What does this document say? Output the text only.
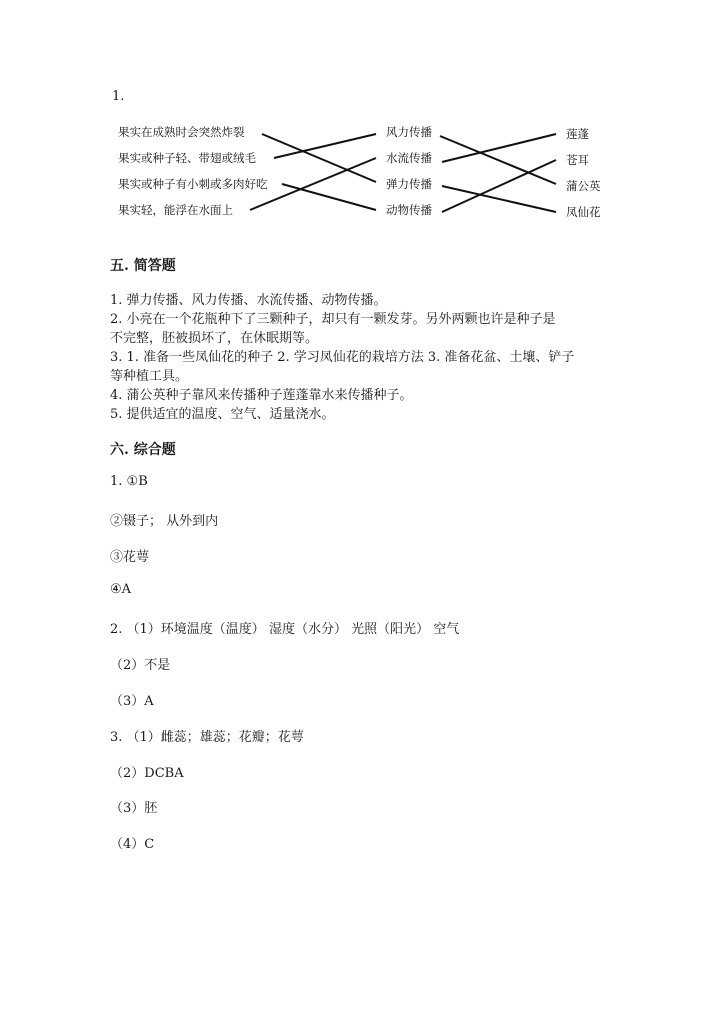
1.
果实在成熟时会突然炸裂
果实或种子轻、带翅或绒毛
果实或种子有小刺或多肉好吃
果实轻，能浮在水面上
风力传播
水流传播
弹力传播
动物传播
莲蓬
苍耳
蒲公英
凤仙花
五. 简答题
1. 弹力传播、风力传播、水流传播、动物传播。
2. 小亮在一个花瓶种下了三颗种子，却只有一颗发芽。另外两颗也许是种子是
不完整，胚被损坏了，在休眠期等。
3. 1. 准备一些凤仙花的种子 2. 学习凤仙花的栽培方法 3. 准备花盆、土壤、铲子
等种植工具。
4. 蒲公英种子靠风来传播种子莲蓬靠水来传播种子。
5. 提供适宜的温度、空气、适量浇水。
六. 综合题
1. ①B
②镊子； 从外到内
③花萼
④A
2. （1）环境温度（温度） 湿度（水分） 光照（阳光） 空气
（2）不是
（3）A
3. （1）雌蕊；雄蕊；花瓣；花萼
（2）DCBA
（3）胚
（4）C
